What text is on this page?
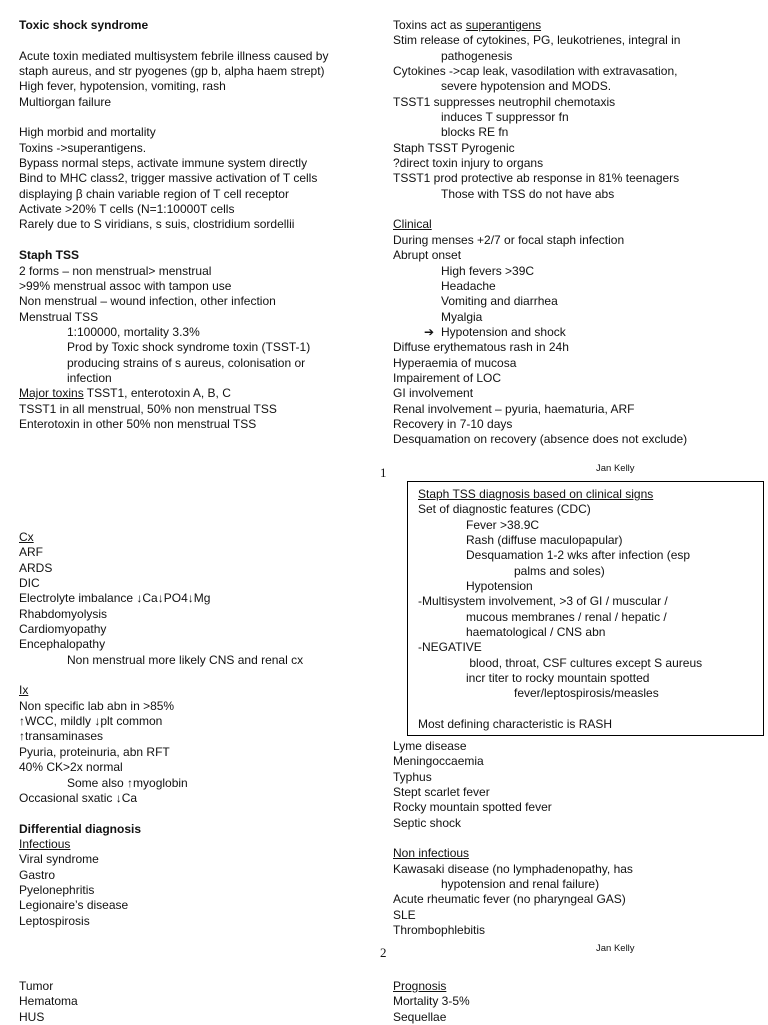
Toxic shock syndrome
Acute toxin mediated multisystem febrile illness caused by
staph aureus, and str pyogenes (gp b, alpha haem strept)
High fever, hypotension, vomiting, rash
Multiorgan failure
High morbid and mortality
Toxins ->superantigens.
Bypass normal steps, activate immune system directly
Bind to MHC class2, trigger massive activation of T cells
displaying β chain variable region of T cell receptor
Activate >20% T cells (N=1:10000T cells
Rarely due to S viridians, s suis, clostridium sordellii
Staph TSS
2 forms – non menstrual> menstrual
>99% menstrual assoc with tampon use
Non menstrual – wound infection, other infection
Menstrual TSS
1:100000, mortality 3.3%
Prod by Toxic shock syndrome toxin (TSST-1)
producing strains of s aureus, colonisation or
infection
Major toxins TSST1, enterotoxin A, B, C
TSST1 in all menstrual, 50% non menstrual TSS
Enterotoxin in other 50% non menstrual TSS
Cx
ARF
ARDS
DIC
Electrolyte imbalance ↓Ca↓PO4↓Mg
Rhabdomyolysis
Cardiomyopathy
Encephalopathy
Non menstrual more likely CNS and renal cx
Ix
Non specific lab abn in >85%
↑WCC, mildly ↓plt common
↑transaminases
Pyuria, proteinuria, abn RFT
40% CK>2x normal
Some also ↑myoglobin
Occasional sxatic ↓Ca
Differential diagnosis
Infectious
Viral syndrome
Gastro
Pyelonephritis
Legionaire’s disease
Leptospirosis
Tumor
Hematoma
HUS
Toxins act as superantigens
Stim release of cytokines, PG, leukotrienes, integral in
pathogenesis
Cytokines ->cap leak, vasodilation with extravasation,
severe hypotension and MODS.
TSST1 suppresses neutrophil chemotaxis
induces T suppressor fn
blocks RE fn
Staph TSST Pyrogenic
?direct toxin injury to organs
TSST1 prod protective ab response in 81% teenagers
Those with TSS do not have abs
Clinical
During menses +2/7 or focal staph infection
Abrupt onset
High fevers >39C
Headache
Vomiting and diarrhea
Myalgia
➔ Hypotension and shock
Diffuse erythematous rash in 24h
Hyperaemia of mucosa
Impairement of LOC
GI involvement
Renal involvement – pyuria, haematuria, ARF
Recovery in 7-10 days
Desquamation on recovery (absence does not exclude)
1	Jan Kelly
2	Jan Kelly
Staph TSS diagnosis based on clinical signs
Set of diagnostic features (CDC)
Fever >38.9C
Rash (diffuse maculopapular)
Desquamation 1-2 wks after infection (esp
palms and soles)
Hypotension
-Multisystem involvement, >3 of GI / muscular /
mucous membranes / renal / hepatic /
haematological / CNS abn
-NEGATIVE
blood, throat, CSF cultures except S aureus
incr titer to rocky mountain spotted
fever/leptospirosis/measles
Most defining characteristic is RASH
Lyme disease
Meningoccaemia
Typhus
Stept scarlet fever
Rocky mountain spotted fever
Septic shock
Non infectious
Kawasaki disease (no lymphadenopathy, has
hypotension and renal failure)
Acute rheumatic fever (no pharyngeal GAS)
SLE
Thrombophlebitis
Prognosis
Mortality 3-5%
Sequellae
